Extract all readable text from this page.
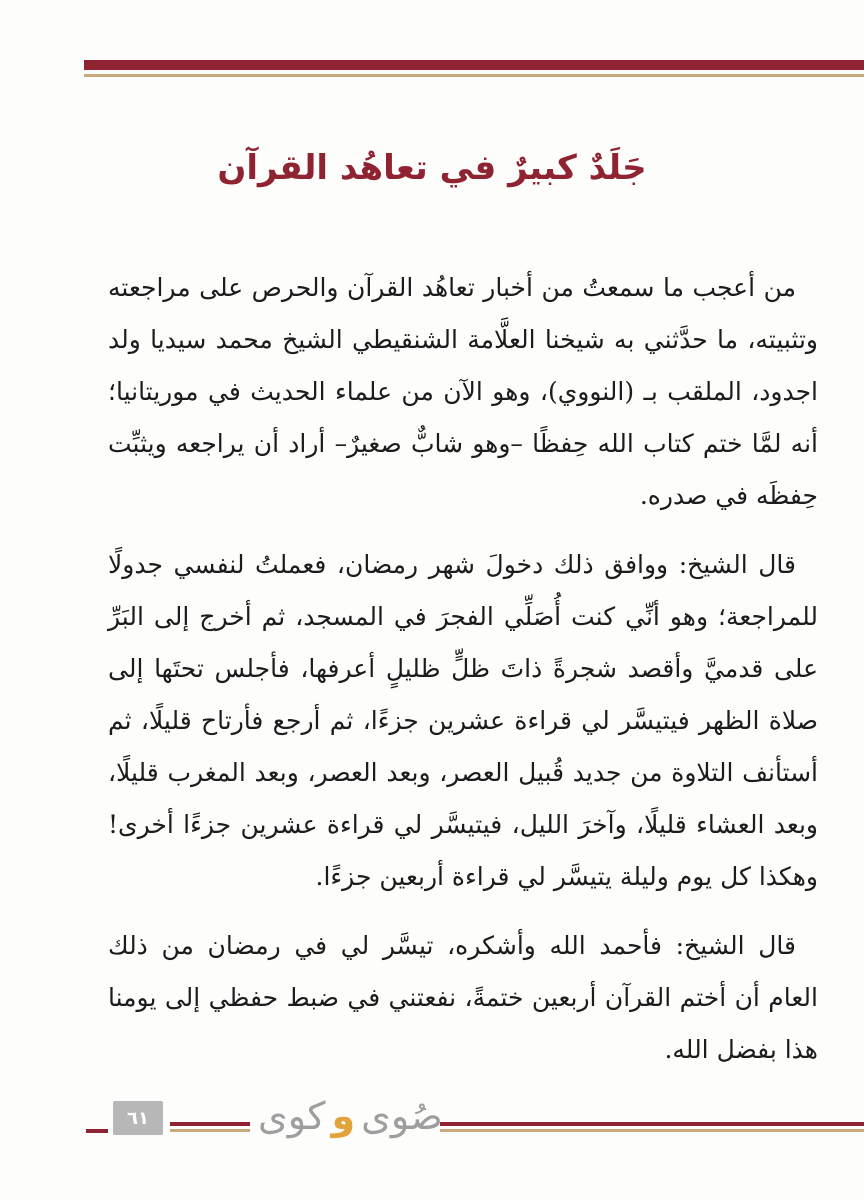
جَلَدٌ كبيرٌ في تعاهُد القرآن

من أعجب ما سمعتُ من أخبار تعاهُد القرآن والحرص على مراجعته وتثبيته، ما حدَّثني به شيخنا العلَّامة الشنقيطي الشيخ محمد سيديا ولد اجدود، الملقب بـ (النووي)، وهو الآن من علماء الحديث في موريتانيا؛ أنه لمَّا ختم كتاب الله حِفظًا –وهو شابٌّ صغيرٌ– أراد أن يراجعه ويثبِّت حِفظَه في صدره.

قال الشيخ: ووافق ذلك دخولَ شهر رمضان، فعملتُ لنفسي جدولًا للمراجعة؛ وهو أنِّي كنت أُصَلِّي الفجرَ في المسجد، ثم أخرج إلى البَرِّ على قدميَّ وأقصد شجرةً ذاتَ ظلٍّ ظليلٍ أعرفها، فأجلس تحتَها إلى صلاة الظهر فيتيسَّر لي قراءة عشرين جزءًا، ثم أرجع فأرتاح قليلًا، ثم أستأنف التلاوة من جديد قُبيل العصر، وبعد العصر، وبعد المغرب قليلًا، وبعد العشاء قليلًا، وآخرَ الليل، فيتيسَّر لي قراءة عشرين جزءًا أخرى! وهكذا كل يوم وليلة يتيسَّر لي قراءة أربعين جزءًا.

قال الشيخ: فأحمد الله وأشكره، تيسَّر لي في رمضان من ذلك العام أن أختم القرآن أربعين ختمةً، نفعتني في ضبط حفظي إلى يومنا هذا بفضل الله.

٦١	صُوى
و
كوى
